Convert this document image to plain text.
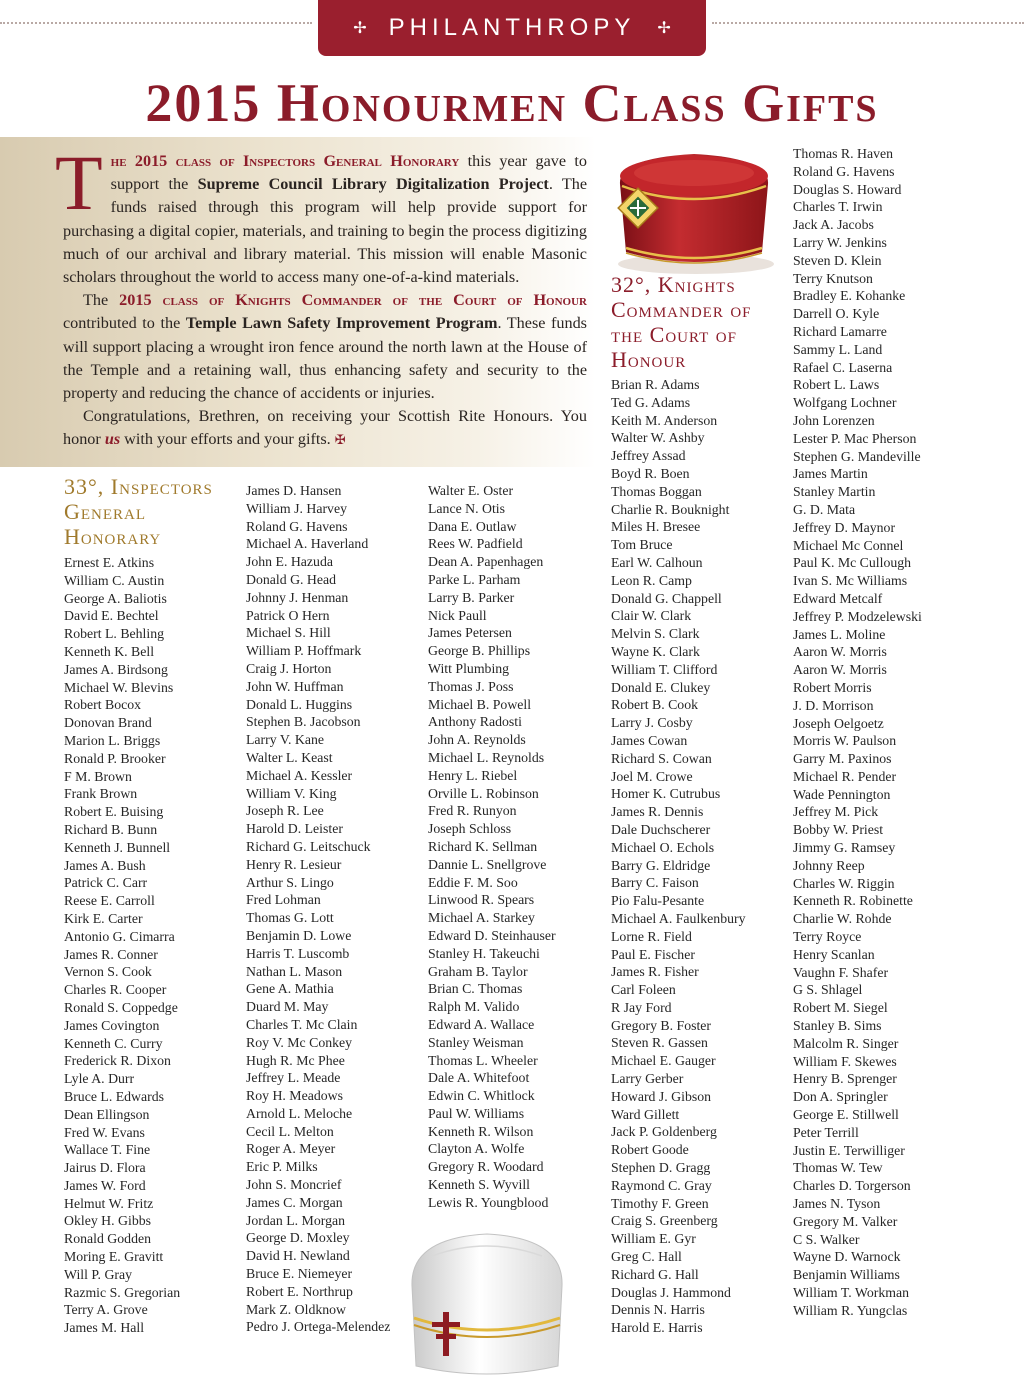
✢ PHILANTHROPY ✢
2015 Honourmen Class Gifts

The 2015 class of Inspectors General Honorary this year gave to support the Supreme Council Library Digitalization Project. The funds raised through this program will help provide support for purchasing a digital copier, materials, and training to begin the process digitizing much of our archival and library material. This mission will enable Masonic scholars throughout the world to access many one-of-a-kind materials.

The 2015 class of Knights Commander of the Court of Honour contributed to the Temple Lawn Safety Improvement Program. These funds will support placing a wrought iron fence around the north lawn at the House of the Temple and a retaining wall, thus enhancing safety and security to the property and reducing the chance of accidents or injuries.

Congratulations, Brethren, on receiving your Scottish Rite Honours. You honor us with your efforts and your gifts. ✠

33°, Inspectors
General
Honorary
32°, Knights
Commander of
the Court of
Honour
Ernest E. Atkins
William C. Austin
George A. Baliotis
David E. Bechtel
Robert L. Behling
Kenneth K. Bell
James A. Birdsong
Michael W. Blevins
Robert Bocox
Donovan Brand
Marion L. Briggs
Ronald P. Brooker
F M. Brown
Frank Brown
Robert E. Buising
Richard B. Bunn
Kenneth J. Bunnell
James A. Bush
Patrick C. Carr
Reese E. Carroll
Kirk E. Carter
Antonio G. Cimarra
James R. Conner
Vernon S. Cook
Charles R. Cooper
Ronald S. Coppedge
James Covington
Kenneth C. Curry
Frederick R. Dixon
Lyle A. Durr
Bruce L. Edwards
Dean Ellingson
Fred W. Evans
Wallace T. Fine
Jairus D. Flora
James W. Ford
Helmut W. Fritz
Okley H. Gibbs
Ronald Godden
Moring E. Gravitt
Will P. Gray
Razmic S. Gregorian
Terry A. Grove
James M. Hall
James D. Hansen
William J. Harvey
Roland G. Havens
Michael A. Haverland
John E. Hazuda
Donald G. Head
Johnny J. Henman
Patrick O Hern
Michael S. Hill
William P. Hoffmark
Craig J. Horton
John W. Huffman
Donald L. Huggins
Stephen B. Jacobson
Larry V. Kane
Walter L. Keast
Michael A. Kessler
William V. King
Joseph R. Lee
Harold D. Leister
Richard G. Leitschuck
Henry R. Lesieur
Arthur S. Lingo
Fred Lohman
Thomas G. Lott
Benjamin D. Lowe
Harris T. Luscomb
Nathan L. Mason
Gene A. Mathia
Duard M. May
Charles T. Mc Clain
Roy V. Mc Conkey
Hugh R. Mc Phee
Jeffrey L. Meade
Roy H. Meadows
Arnold L. Meloche
Cecil L. Melton
Roger A. Meyer
Eric P. Milks
John S. Moncrief
James C. Morgan
Jordan L. Morgan
George D. Moxley
David H. Newland
Bruce E. Niemeyer
Robert E. Northrup
Mark Z. Oldknow
Pedro J. Ortega-Melendez
Walter E. Oster
Lance N. Otis
Dana E. Outlaw
Rees W. Padfield
Dean A. Papenhagen
Parke L. Parham
Larry B. Parker
Nick Paull
James Petersen
George B. Phillips
Witt Plumbing
Thomas J. Poss
Michael B. Powell
Anthony Radosti
John A. Reynolds
Michael L. Reynolds
Henry L. Riebel
Orville L. Robinson
Fred R. Runyon
Joseph Schloss
Richard K. Sellman
Dannie L. Snellgrove
Eddie F. M. Soo
Linwood R. Spears
Michael A. Starkey
Edward D. Steinhauser
Stanley H. Takeuchi
Graham B. Taylor
Brian C. Thomas
Ralph M. Valido
Edward A. Wallace
Stanley Weisman
Thomas L. Wheeler
Dale A. Whitefoot
Edwin C. Whitlock
Paul W. Williams
Kenneth R. Wilson
Clayton A. Wolfe
Gregory R. Woodard
Kenneth S. Wyvill
Lewis R. Youngblood
Brian R. Adams
Ted G. Adams
Keith M. Anderson
Walter W. Ashby
Jeffrey Assad
Boyd R. Boen
Thomas Boggan
Charlie R. Bouknight
Miles H. Bresee
Tom Bruce
Earl W. Calhoun
Leon R. Camp
Donald G. Chappell
Clair W. Clark
Melvin S. Clark
Wayne K. Clark
William T. Clifford
Donald E. Clukey
Robert B. Cook
Larry J. Cosby
James Cowan
Richard S. Cowan
Joel M. Crowe
Homer K. Cutrubus
James R. Dennis
Dale Duchscherer
Michael O. Echols
Barry G. Eldridge
Barry C. Faison
Pio Falu-Pesante
Michael A. Faulkenbury
Lorne R. Field
Paul E. Fischer
James R. Fisher
Carl Foleen
R Jay Ford
Gregory B. Foster
Steven R. Gassen
Michael E. Gauger
Larry Gerber
Howard J. Gibson
Ward Gillett
Jack P. Goldenberg
Robert Goode
Stephen D. Gragg
Raymond C. Gray
Timothy F. Green
Craig S. Greenberg
William E. Gyr
Greg C. Hall
Richard G. Hall
Douglas J. Hammond
Dennis N. Harris
Harold E. Harris
Thomas R. Haven
Roland G. Havens
Douglas S. Howard
Charles T. Irwin
Jack A. Jacobs
Larry W. Jenkins
Steven D. Klein
Terry Knutson
Bradley E. Kohanke
Darrell O. Kyle
Richard Lamarre
Sammy L. Land
Rafael C. Laserna
Robert L. Laws
Wolfgang Lochner
John Lorenzen
Lester P. Mac Pherson
Stephen G. Mandeville
James Martin
Stanley Martin
G. D. Mata
Jeffrey D. Maynor
Michael Mc Connel
Paul K. Mc Cullough
Ivan S. Mc Williams
Edward Metcalf
Jeffrey P. Modzelewski
James L. Moline
Aaron W. Morris
Aaron W. Morris
Robert Morris
J. D. Morrison
Joseph Oelgoetz
Morris W. Paulson
Garry M. Paxinos
Michael R. Pender
Wade Pennington
Jeffrey M. Pick
Bobby W. Priest
Jimmy G. Ramsey
Johnny Reep
Charles W. Riggin
Kenneth R. Robinette
Charlie W. Rohde
Terry Royce
Henry Scanlan
Vaughn F. Shafer
G S. Shlagel
Robert M. Siegel
Stanley B. Sims
Malcolm R. Singer
William F. Skewes
Henry B. Sprenger
Don A. Springler
George E. Stillwell
Peter Terrill
Justin E. Terwilliger
Thomas W. Tew
Charles D. Torgerson
James N. Tyson
Gregory M. Valker
C S. Walker
Wayne D. Warnock
Benjamin Williams
William T. Workman
William R. Yungclas
